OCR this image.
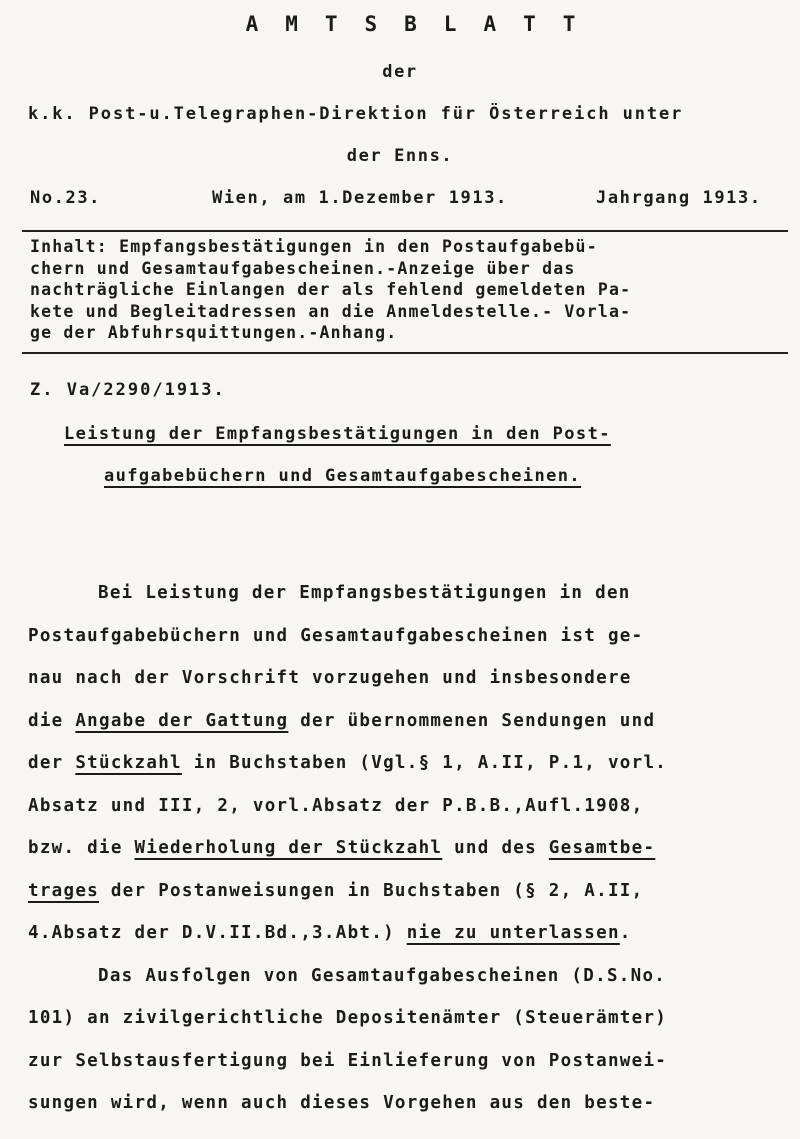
AMTSBLATT
der
k.k. Post-u.Telegraphen-Direktion für Österreich unter
der Enns.
No.23.	Wien, am 1.Dezember 1913.	Jahrgang 1913.
Inhalt: Empfangsbestätigungen in den Postaufgabebü-
chern und Gesamtaufgabescheinen.-Anzeige über das
nachträgliche Einlangen der als fehlend gemeldeten Pa-
kete und Begleitadressen an die Anmeldestelle.- Vorla-
ge der Abfuhrsquittungen.-Anhang.
Z. Va/2290/1913.
Leistung der Empfangsbestätigungen in den Post-
aufgabebüchern und Gesamtaufgabescheinen.
Bei Leistung der Empfangsbestätigungen in den
Postaufgabebüchern und Gesamtaufgabescheinen ist ge-
nau nach der Vorschrift vorzugehen und insbesondere
die Angabe der Gattung der übernommenen Sendungen und
der Stückzahl in Buchstaben (Vgl.§ 1, A.II, P.1, vorl.
Absatz und III, 2, vorl.Absatz der P.B.B.,Aufl.1908,
bzw. die Wiederholung der Stückzahl und des Gesamtbe-
trages der Postanweisungen in Buchstaben (§ 2, A.II,
4.Absatz der D.V.II.Bd.,3.Abt.) nie zu unterlassen.
Das Ausfolgen von Gesamtaufgabescheinen (D.S.No.
101) an zivilgerichtliche Depositenämter (Steuerämter)
zur Selbstausfertigung bei Einlieferung von Postanwei-
sungen wird, wenn auch dieses Vorgehen aus den beste-
